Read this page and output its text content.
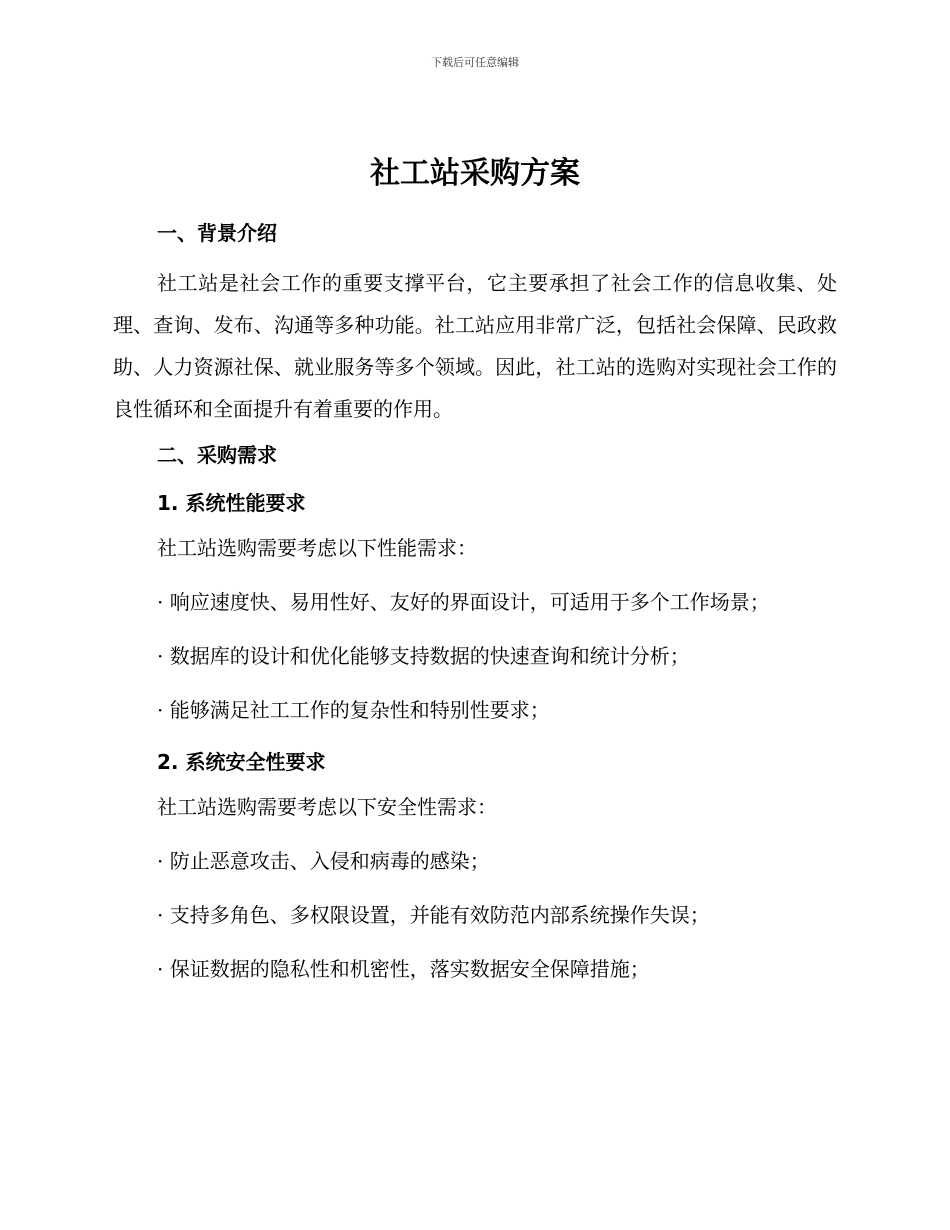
下载后可任意编辑
社工站采购方案
一、背景介绍

社工站是社会工作的重要支撑平台，它主要承担了社会工作的信息收集、处理、查询、发布、沟通等多种功能。社工站应用非常广泛，包括社会保障、民政救助、人力资源社保、就业服务等多个领域。因此，社工站的选购对实现社会工作的良性循环和全面提升有着重要的作用。

二、采购需求
1. 系统性能要求
社工站选购需要考虑以下性能需求：
· 响应速度快、易用性好、友好的界面设计，可适用于多个工作场景；
· 数据库的设计和优化能够支持数据的快速查询和统计分析；
· 能够满足社工工作的复杂性和特别性要求；
2. 系统安全性要求
社工站选购需要考虑以下安全性需求：
· 防止恶意攻击、入侵和病毒的感染；
· 支持多角色、多权限设置，并能有效防范内部系统操作失误；
· 保证数据的隐私性和机密性，落实数据安全保障措施；
